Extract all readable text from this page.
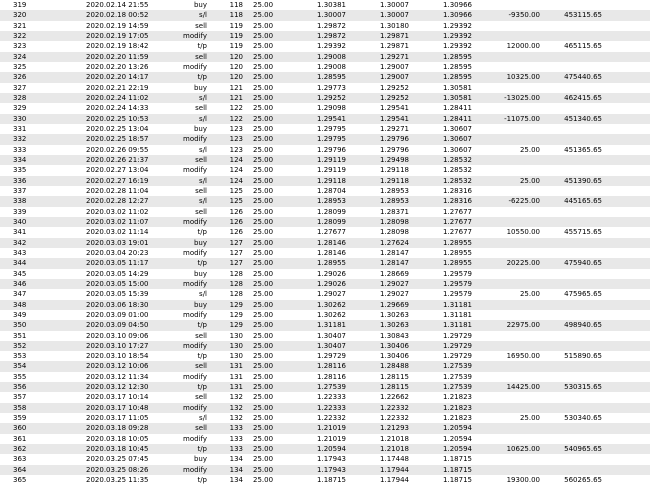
319	2020.02.14 21:55	buy	118	25.00	1.30381	1.30007	1.30966			
320	2020.02.18 00:52	s/l	118	25.00	1.30007	1.30007	1.30966	-9350.00	453115.65	
321	2020.02.19 14:59	sell	119	25.00	1.29872	1.30180	1.29392			
322	2020.02.19 17:05	modify	119	25.00	1.29872	1.29871	1.29392			
323	2020.02.19 18:42	t/p	119	25.00	1.29392	1.29871	1.29392	12000.00	465115.65	
324	2020.02.20 11:59	sell	120	25.00	1.29008	1.29271	1.28595			
325	2020.02.20 13:26	modify	120	25.00	1.29008	1.29007	1.28595			
326	2020.02.20 14:17	t/p	120	25.00	1.28595	1.29007	1.28595	10325.00	475440.65	
327	2020.02.21 22:19	buy	121	25.00	1.29773	1.29252	1.30581			
328	2020.02.24 11:02	s/l	121	25.00	1.29252	1.29252	1.30581	-13025.00	462415.65	
329	2020.02.24 14:33	sell	122	25.00	1.29098	1.29541	1.28411			
330	2020.02.25 10:53	s/l	122	25.00	1.29541	1.29541	1.28411	-11075.00	451340.65	
331	2020.02.25 13:04	buy	123	25.00	1.29795	1.29271	1.30607			
332	2020.02.25 18:57	modify	123	25.00	1.29795	1.29796	1.30607			
333	2020.02.26 09:55	s/l	123	25.00	1.29796	1.29796	1.30607	25.00	451365.65	
334	2020.02.26 21:37	sell	124	25.00	1.29119	1.29498	1.28532			
335	2020.02.27 13:04	modify	124	25.00	1.29119	1.29118	1.28532			
336	2020.02.27 16:19	s/l	124	25.00	1.29118	1.29118	1.28532	25.00	451390.65	
337	2020.02.28 11:04	sell	125	25.00	1.28704	1.28953	1.28316			
338	2020.02.28 12:27	s/l	125	25.00	1.28953	1.28953	1.28316	-6225.00	445165.65	
339	2020.03.02 11:02	sell	126	25.00	1.28099	1.28371	1.27677			
340	2020.03.02 11:07	modify	126	25.00	1.28099	1.28098	1.27677			
341	2020.03.02 11:14	t/p	126	25.00	1.27677	1.28098	1.27677	10550.00	455715.65	
342	2020.03.03 19:01	buy	127	25.00	1.28146	1.27624	1.28955			
343	2020.03.04 20:23	modify	127	25.00	1.28146	1.28147	1.28955			
344	2020.03.05 11:17	t/p	127	25.00	1.28955	1.28147	1.28955	20225.00	475940.65	
345	2020.03.05 14:29	buy	128	25.00	1.29026	1.28669	1.29579			
346	2020.03.05 15:00	modify	128	25.00	1.29026	1.29027	1.29579			
347	2020.03.05 15:39	s/l	128	25.00	1.29027	1.29027	1.29579	25.00	475965.65	
348	2020.03.06 18:30	buy	129	25.00	1.30262	1.29669	1.31181			
349	2020.03.09 01:00	modify	129	25.00	1.30262	1.30263	1.31181			
350	2020.03.09 04:50	t/p	129	25.00	1.31181	1.30263	1.31181	22975.00	498940.65	
351	2020.03.10 09:06	sell	130	25.00	1.30407	1.30843	1.29729			
352	2020.03.10 17:27	modify	130	25.00	1.30407	1.30406	1.29729			
353	2020.03.10 18:54	t/p	130	25.00	1.29729	1.30406	1.29729	16950.00	515890.65	
354	2020.03.12 10:06	sell	131	25.00	1.28116	1.28488	1.27539			
355	2020.03.12 11:34	modify	131	25.00	1.28116	1.28115	1.27539			
356	2020.03.12 12:30	t/p	131	25.00	1.27539	1.28115	1.27539	14425.00	530315.65	
357	2020.03.17 10:14	sell	132	25.00	1.22333	1.22662	1.21823			
358	2020.03.17 10:48	modify	132	25.00	1.22333	1.22332	1.21823			
359	2020.03.17 11:05	s/l	132	25.00	1.22332	1.22332	1.21823	25.00	530340.65	
360	2020.03.18 09:28	sell	133	25.00	1.21019	1.21293	1.20594			
361	2020.03.18 10:05	modify	133	25.00	1.21019	1.21018	1.20594			
362	2020.03.18 10:45	t/p	133	25.00	1.20594	1.21018	1.20594	10625.00	540965.65	
363	2020.03.25 07:45	buy	134	25.00	1.17943	1.17448	1.18715			
364	2020.03.25 08:26	modify	134	25.00	1.17943	1.17944	1.18715			
365	2020.03.25 11:35	t/p	134	25.00	1.18715	1.17944	1.18715	19300.00	560265.65	
